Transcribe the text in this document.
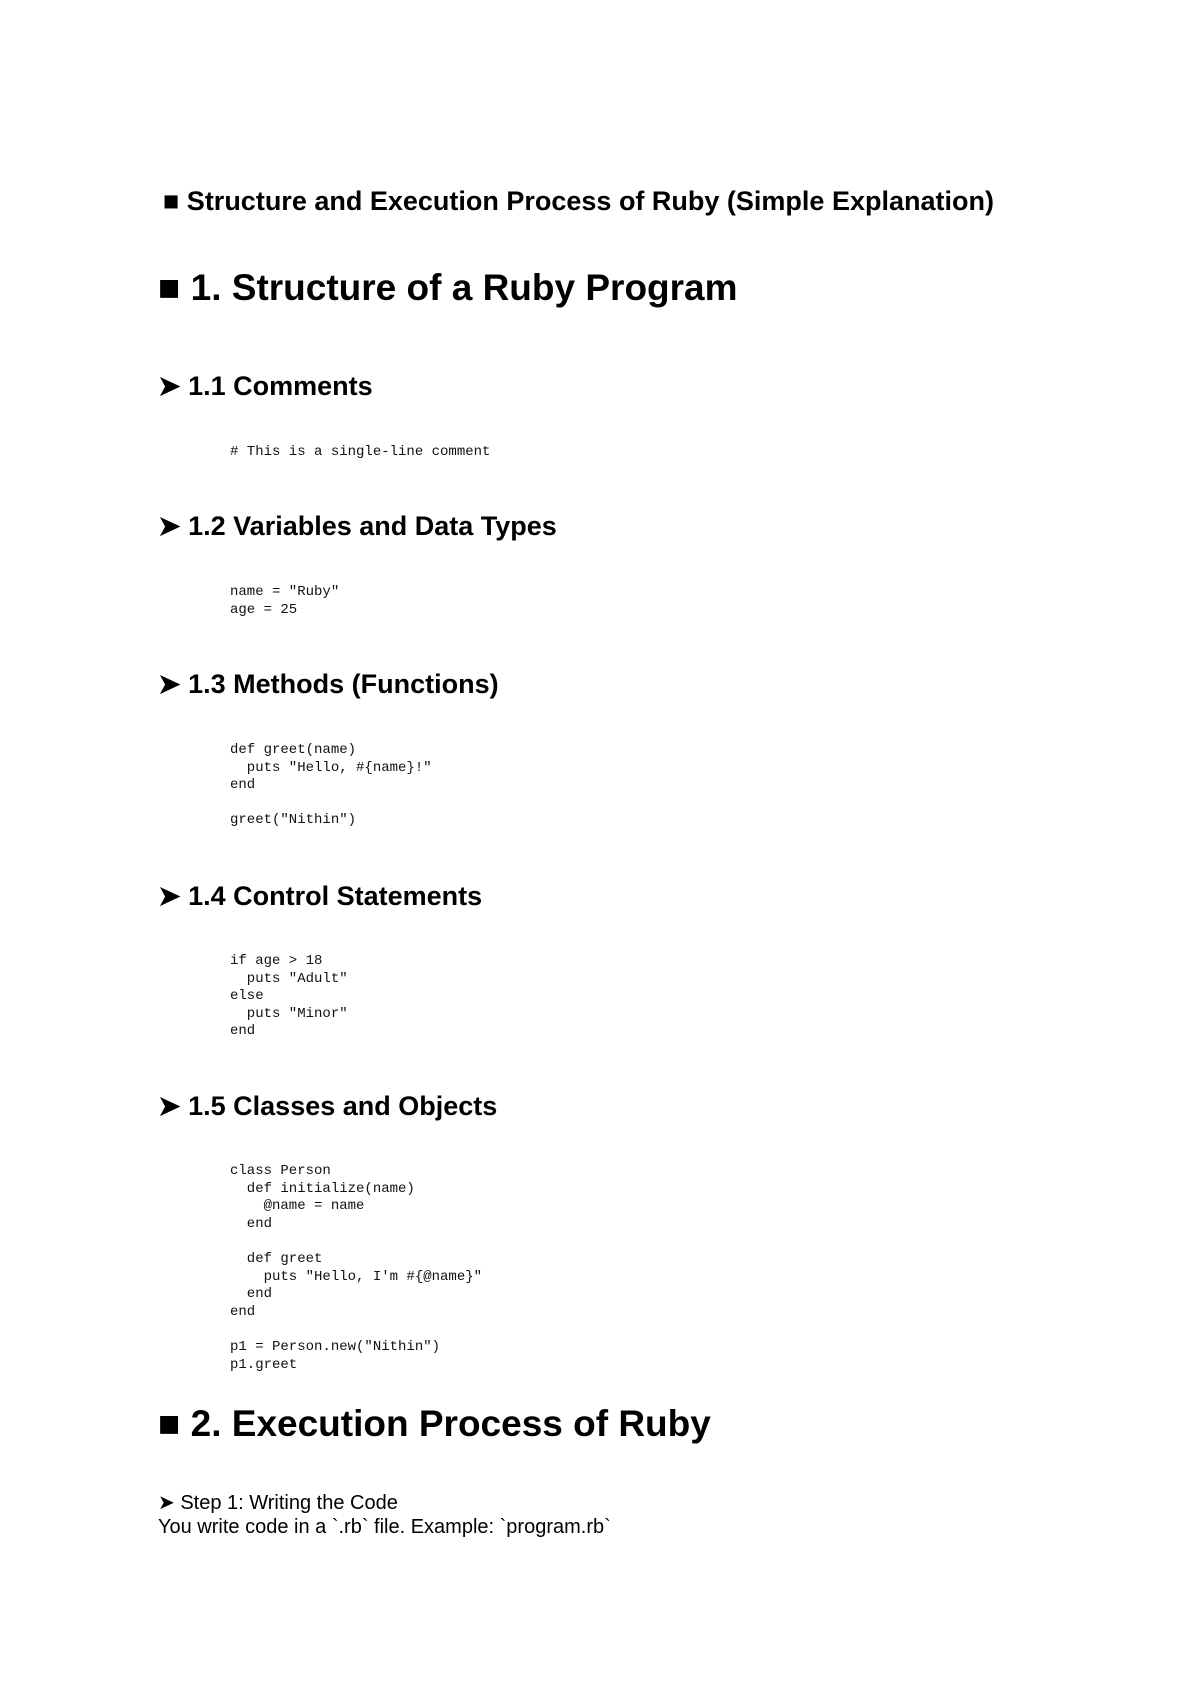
■ Structure and Execution Process of Ruby (Simple Explanation)
■ 1. Structure of a Ruby Program
➤ 1.1 Comments
# This is a single-line comment
➤ 1.2 Variables and Data Types
name = "Ruby"
age = 25
➤ 1.3 Methods (Functions)
def greet(name)
puts "Hello, #{name}!"
end

greet("Nithin")
➤ 1.4 Control Statements
if age > 18
puts "Adult"
else
puts "Minor"
end
➤ 1.5 Classes and Objects
class Person
def initialize(name)
@name = name
end

def greet
puts "Hello, I'm #{@name}"
end
end

p1 = Person.new("Nithin")
p1.greet
■ 2. Execution Process of Ruby
➤ Step 1: Writing the Code
You write code in a `.rb` file. Example: `program.rb`
